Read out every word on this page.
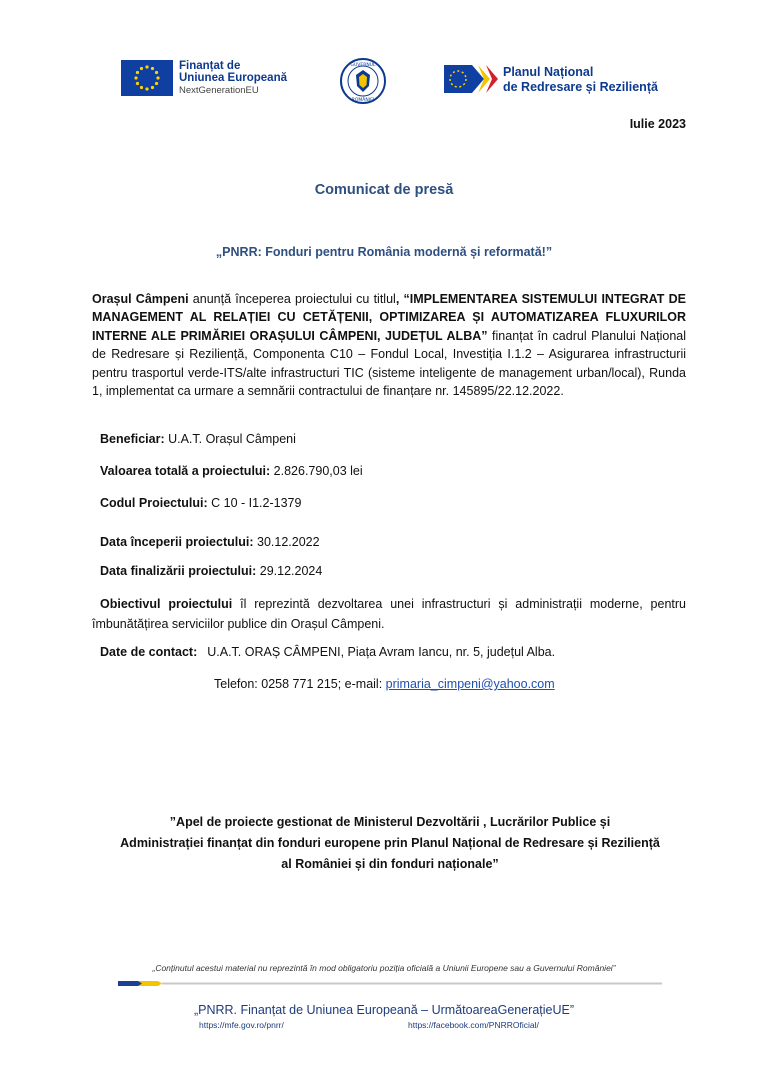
Finanțat de
Uniunea Europeană
NextGenerationEU
GUVERNUL
ROMÂNIEI
Planul Național
de Redresare și Reziliență
Iulie 2023
Comunicat de presă
„PNRR: Fonduri pentru România modernă și reformată!”
Orașul Câmpeni anunță începerea proiectului cu titlul, “IMPLEMENTAREA SISTEMULUI INTEGRAT DE MANAGEMENT AL RELAȚIEI CU CETĂȚENII, OPTIMIZAREA ȘI AUTOMATIZAREA FLUXURILOR INTERNE ALE PRIMĂRIEI ORAȘULUI CÂMPENI, JUDEȚUL ALBA” finanțat în cadrul Planului Național de Redresare și Reziliență, Componenta C10 – Fondul Local, Investiția I.1.2 – Asigurarea infrastructurii pentru trasportul verde-ITS/alte infrastructuri TIC (sisteme inteligente de management urban/local), Runda 1, implementat ca urmare a semnării contractului de finanțare nr. 145895/22.12.2022.
Beneficiar: U.A.T. Orașul Câmpeni
Valoarea totală a proiectului: 2.826.790,03 lei
Codul Proiectului: C 10 - I1.2-1379
Data începerii proiectului: 30.12.2022
Data finalizării proiectului: 29.12.2024
Obiectivul proiectului îl reprezintă dezvoltarea unei infrastructuri și administrații moderne, pentru îmbunătățirea serviciilor publice din Orașul Câmpeni.
Date de contact: U.A.T. ORAȘ CÂMPENI, Piața Avram Iancu, nr. 5, județul Alba.
Telefon: 0258 771 215; e-mail: primaria_cimpeni@yahoo.com
”Apel de proiecte gestionat de Ministerul Dezvoltării , Lucrărilor Publice și
Administrației finanțat din fonduri europene prin Planul Național de Redresare și Reziliență
al României și din fonduri naționale”
„Conținutul acestui material nu reprezintă în mod obligatoriu poziția oficială a Uniunii Europene sau a Guvernului României”
„PNRR. Finanțat de Uniunea Europeană – UrmătoareaGenerațieUE”
https://mfe.gov.ro/pnrr/	https://facebook.com/PNRROficial/
